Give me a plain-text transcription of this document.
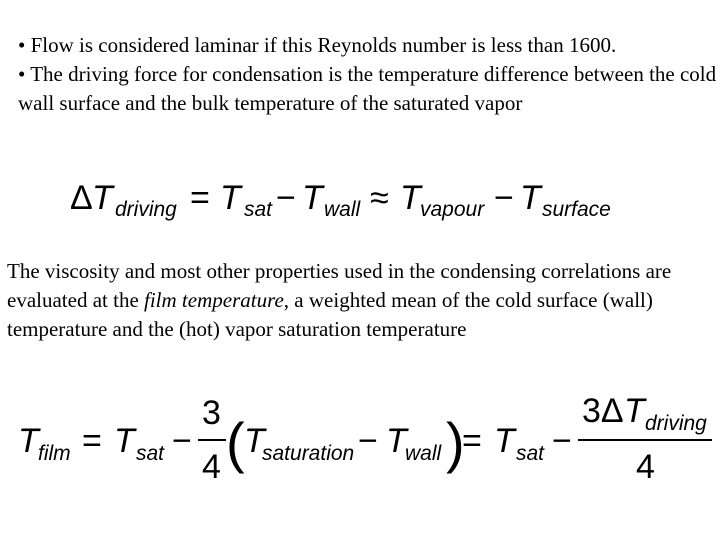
• Flow is considered laminar if this Reynolds number is less than 1600.

• The driving force for condensation is the temperature difference between the cold wall surface and the bulk temperature of the saturated vapor

The viscosity and most other properties used in the condensing correlations are evaluated at the film temperature, a weighted mean of the cold surface (wall) temperature and the (hot) vapor saturation temperature

Δ T driving = T sat − T wall ≈ T vapour − T surface
T film = T sat −
3
4 ( T
saturation − T
wall )
= T sat −
3Δ T driving
4
